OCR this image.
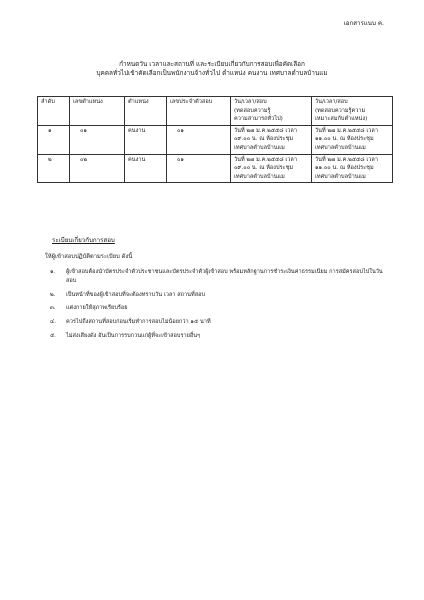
เอกสารแนบ ค.
กำหนดวัน เวลาและสถานที่ และระเบียบเกี่ยวกับการสอบเพื่อคัดเลือก
บุคคลทั่วไปเข้าคัดเลือกเป็นพนักงานจ้างทั่วไป ตำแหน่ง คนงาน เทศบาลตำบลบ้านแม
ลำดับ	เลขตำแหน่ง	ตำแหน่ง	เลขประจำตัวสอบ	วัน/เวลา/สอบ
(ทดสอบความรู้
ความสามารถทั่วไป)	วัน/เวลา/สอบ
(ทดสอบความรู้ความ
เหมาะสมกับตำแหน่ง)

๑	๐๑	คนงาน	๐๑	วันที่ ๒๗ ม.ค.๒๕๕๘ เวลา
๐๙.๐๐ น. ณ ห้องประชุม
เทศบาลตำบลบ้านแม	วันที่ ๒๗ ม.ค.๒๕๕๘ เวลา
๑๑.๐๐ น. ณ ห้องประชุม
เทศบาลตำบลบ้านแม

๒	๐๒	คนงาน	๐๑	วันที่ ๒๗ ม.ค.๒๕๕๘ เวลา
๐๙.๐๐ น. ณ ห้องประชุม
เทศบาลตำบลบ้านแม	วันที่ ๒๗ ม.ค.๒๕๕๘ เวลา
๑๑.๐๐ น. ณ ห้องประชุม
เทศบาลตำบลบ้านแม
ระเบียบเกี่ยวกับการสอบ
ให้ผู้เข้าสอบปฏิบัติตามระเบียบ ดังนี้
๑. ผู้เข้าสอบต้องนำบัตรประจำตัวประชาชนและบัตรประจำตัวผู้เข้าสอบ พร้อมหลักฐานการชำระเงินค่าธรรมเนียม การสมัครสอบไปในวันสอบ
๒. เป็นหน้าที่ของผู้เข้าสอบที่จะต้องทราบวัน เวลา สถานที่สอบ
๓. แต่งกายให้สุภาพเรียบร้อย
๔. ควรไปถึงสถานที่สอบก่อนเริ่มทำการสอบไม่น้อยกว่า ๑๕ นาที
๕. ไม่ส่งเสียงดัง อันเป็นการรบกวนแก่ผู้ที่จะเข้าสอบรายอื่นๆ
